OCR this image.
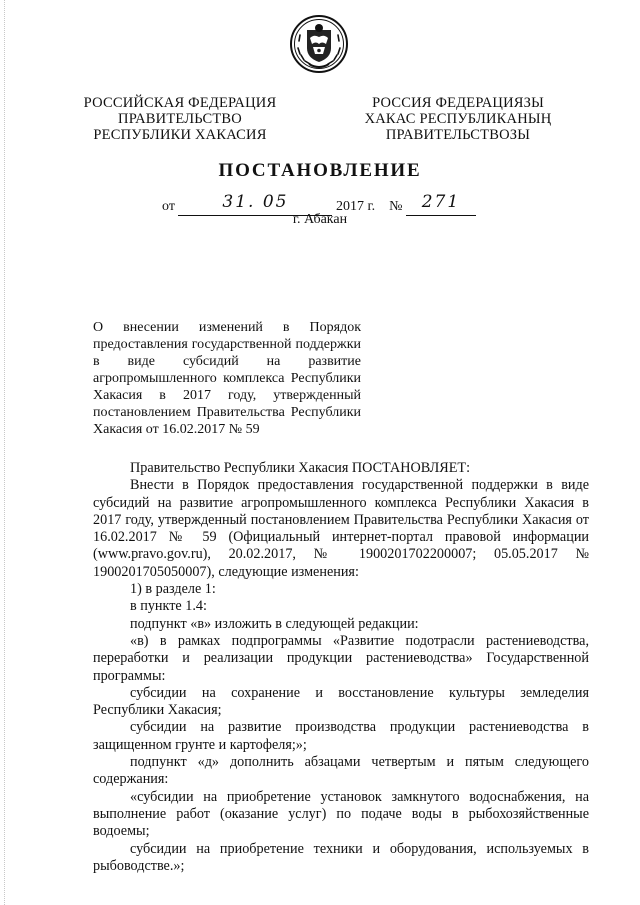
РОССИЙСКАЯ ФЕДЕРАЦИЯ
ПРАВИТЕЛЬСТВО
РЕСПУБЛИКИ ХАКАСИЯ
РОССИЯ ФЕДЕРАЦИЯЗЫ
ХАКАС РЕСПУБЛИКАНЫҢ
ПРАВИТЕЛЬСТВОЗЫ
ПОСТАНОВЛЕНИЕ
от	31. 05	2017 г. № 271
г. Абакан
О внесении изменений в Порядок предоставления государственной поддержки в виде субсидий на развитие агропромышленного комплекса Республики Хакасия в 2017 году, утвержденный постановлением Правительства Республики Хакасия от 16.02.2017 № 59

Правительство Республики Хакасия ПОСТАНОВЛЯЕТ:

Внести в Порядок предоставления государственной поддержки в виде субсидий на развитие агропромышленного комплекса Республики Хакасия в 2017 году, утвержденный постановлением Правительства Республики Хакасия от 16.02.2017 № 59 (Официальный интернет-портал правовой информации (www.pravo.gov.ru), 20.02.2017, № 1900201702200007; 05.05.2017 № 1900201705050007), следующие изменения:

1) в разделе 1:

в пункте 1.4:

подпункт «в» изложить в следующей редакции:

«в) в рамках подпрограммы «Развитие подотрасли растениеводства, переработки и реализации продукции растениеводства» Государственной программы:

субсидии на сохранение и восстановление культуры земледелия Республики Хакасия;

субсидии на развитие производства продукции растениеводства в защищенном грунте и картофеля;»;

подпункт «д» дополнить абзацами четвертым и пятым следующего содержания:

«субсидии на приобретение установок замкнутого водоснабжения, на выполнение работ (оказание услуг) по подаче воды в рыбохозяйственные водоемы;

субсидии на приобретение техники и оборудования, используемых в рыбоводстве.»;
